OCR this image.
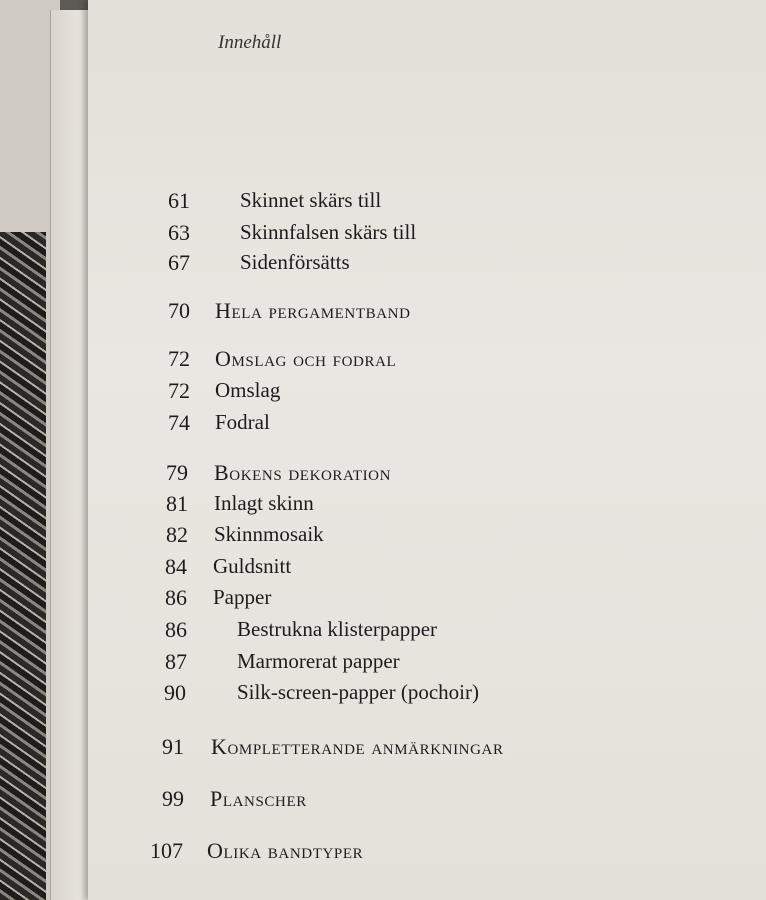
Innehåll
61 Skinnet skärs till
63 Skinnfalsen skärs till
67 Sidenförsätts
70 Hela pergamentband
72 Omslag och fodral
72 Omslag
74 Fodral
79 Bokens dekoration
81 Inlagt skinn
82 Skinnmosaik
84 Guldsnitt
86 Papper
86 Bestrukna klisterpapper
87 Marmorerat papper
90 Silk-screen-papper (pochoir)
91 Kompletterande anmärkningar
99 Planscher
107 Olika bandtyper
